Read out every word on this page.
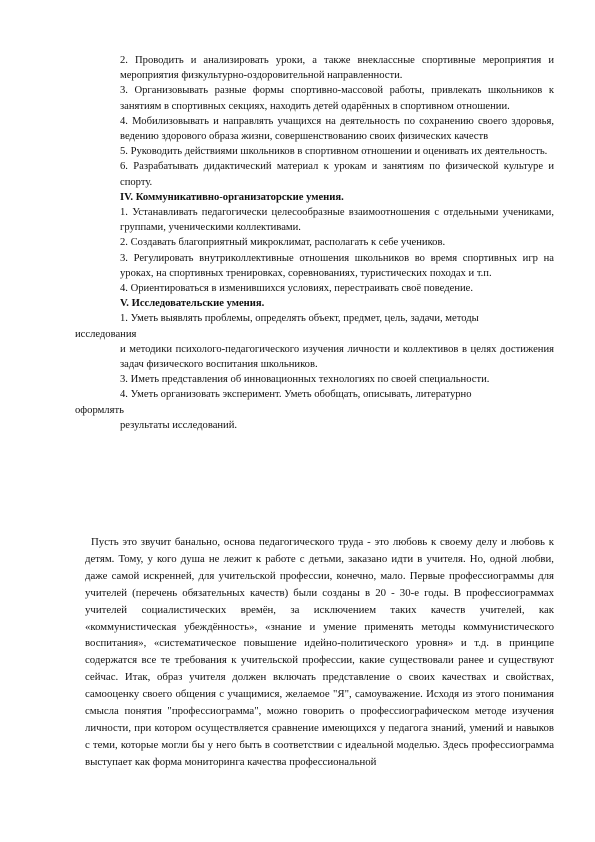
2. Проводить и анализировать уроки, а также внеклассные спортивные мероприятия и мероприятия физкультурно-оздоровительной направленности.

3. Организовывать разные формы спортивно-массовой работы, привлекать школьников к занятиям в спортивных секциях, находить детей одарённых в спортивном отношении.

4. Мобилизовывать и направлять учащихся на деятельность по сохранению своего здоровья, ведению здорового образа жизни, совершенствованию своих физических качеств

5. Руководить действиями школьников в спортивном отношении и оценивать их деятельность.

6. Разрабатывать дидактический материал к урокам и занятиям по физической культуре и спорту.

IV. Коммуникативно-организаторские умения.

1. Устанавливать педагогически целесообразные взаимоотношения с отдельными учениками, группами, ученическими коллективами.

2. Создавать благоприятный микроклимат, располагать к себе учеников.

3. Регулировать внутриколлективные отношения школьников во время спортивных игр на уроках, на спортивных тренировках, соревнованиях, туристических походах и т.п.

4. Ориентироваться в изменившихся условиях, перестраивать своё поведение.

V. Исследовательские умения.

1. Уметь выявлять проблемы, определять объект, предмет, цель, задачи, методы

исследования

и методики психолого-педагогического изучения личности и коллективов в целях достижения задач физического воспитания школьников.

3. Иметь представления об инновационных технологиях по своей специальности.

4. Уметь организовать эксперимент. Уметь обобщать, описывать, литературно

оформлять

результаты исследований.

Пусть это звучит банально, основа педагогического труда - это любовь к своему делу и любовь к детям. Тому, у кого душа не лежит к работе с детьми, заказано идти в учителя. Но, одной любви, даже самой искренней, для учительской профессии, конечно, мало. Первые профессиограммы для учителей (перечень обязательных качеств) были созданы в 20 - 30-е годы. В профессиограммах учителей социалистических времён, за исключением таких качеств учителей, как «коммунистическая убеждённость», «знание и умение применять методы коммунистического воспитания», «систематическое повышение идейно-политического уровня» и т.д. в принципе содержатся все те требования к учительской профессии, какие существовали ранее и существуют сейчас. Итак, образ учителя должен включать представление о своих качествах и свойствах, самооценку своего общения с учащимися, желаемое "Я", самоуважение. Исходя из этого понимания смысла понятия "профессиограмма", можно говорить о профессиографическом методе изучения личности, при котором осуществляется сравнение имеющихся у педагога знаний, умений и навыков с теми, которые могли бы у него быть в соответствии с идеальной моделью. Здесь профессиограмма выступает как форма мониторинга качества профессиональной
